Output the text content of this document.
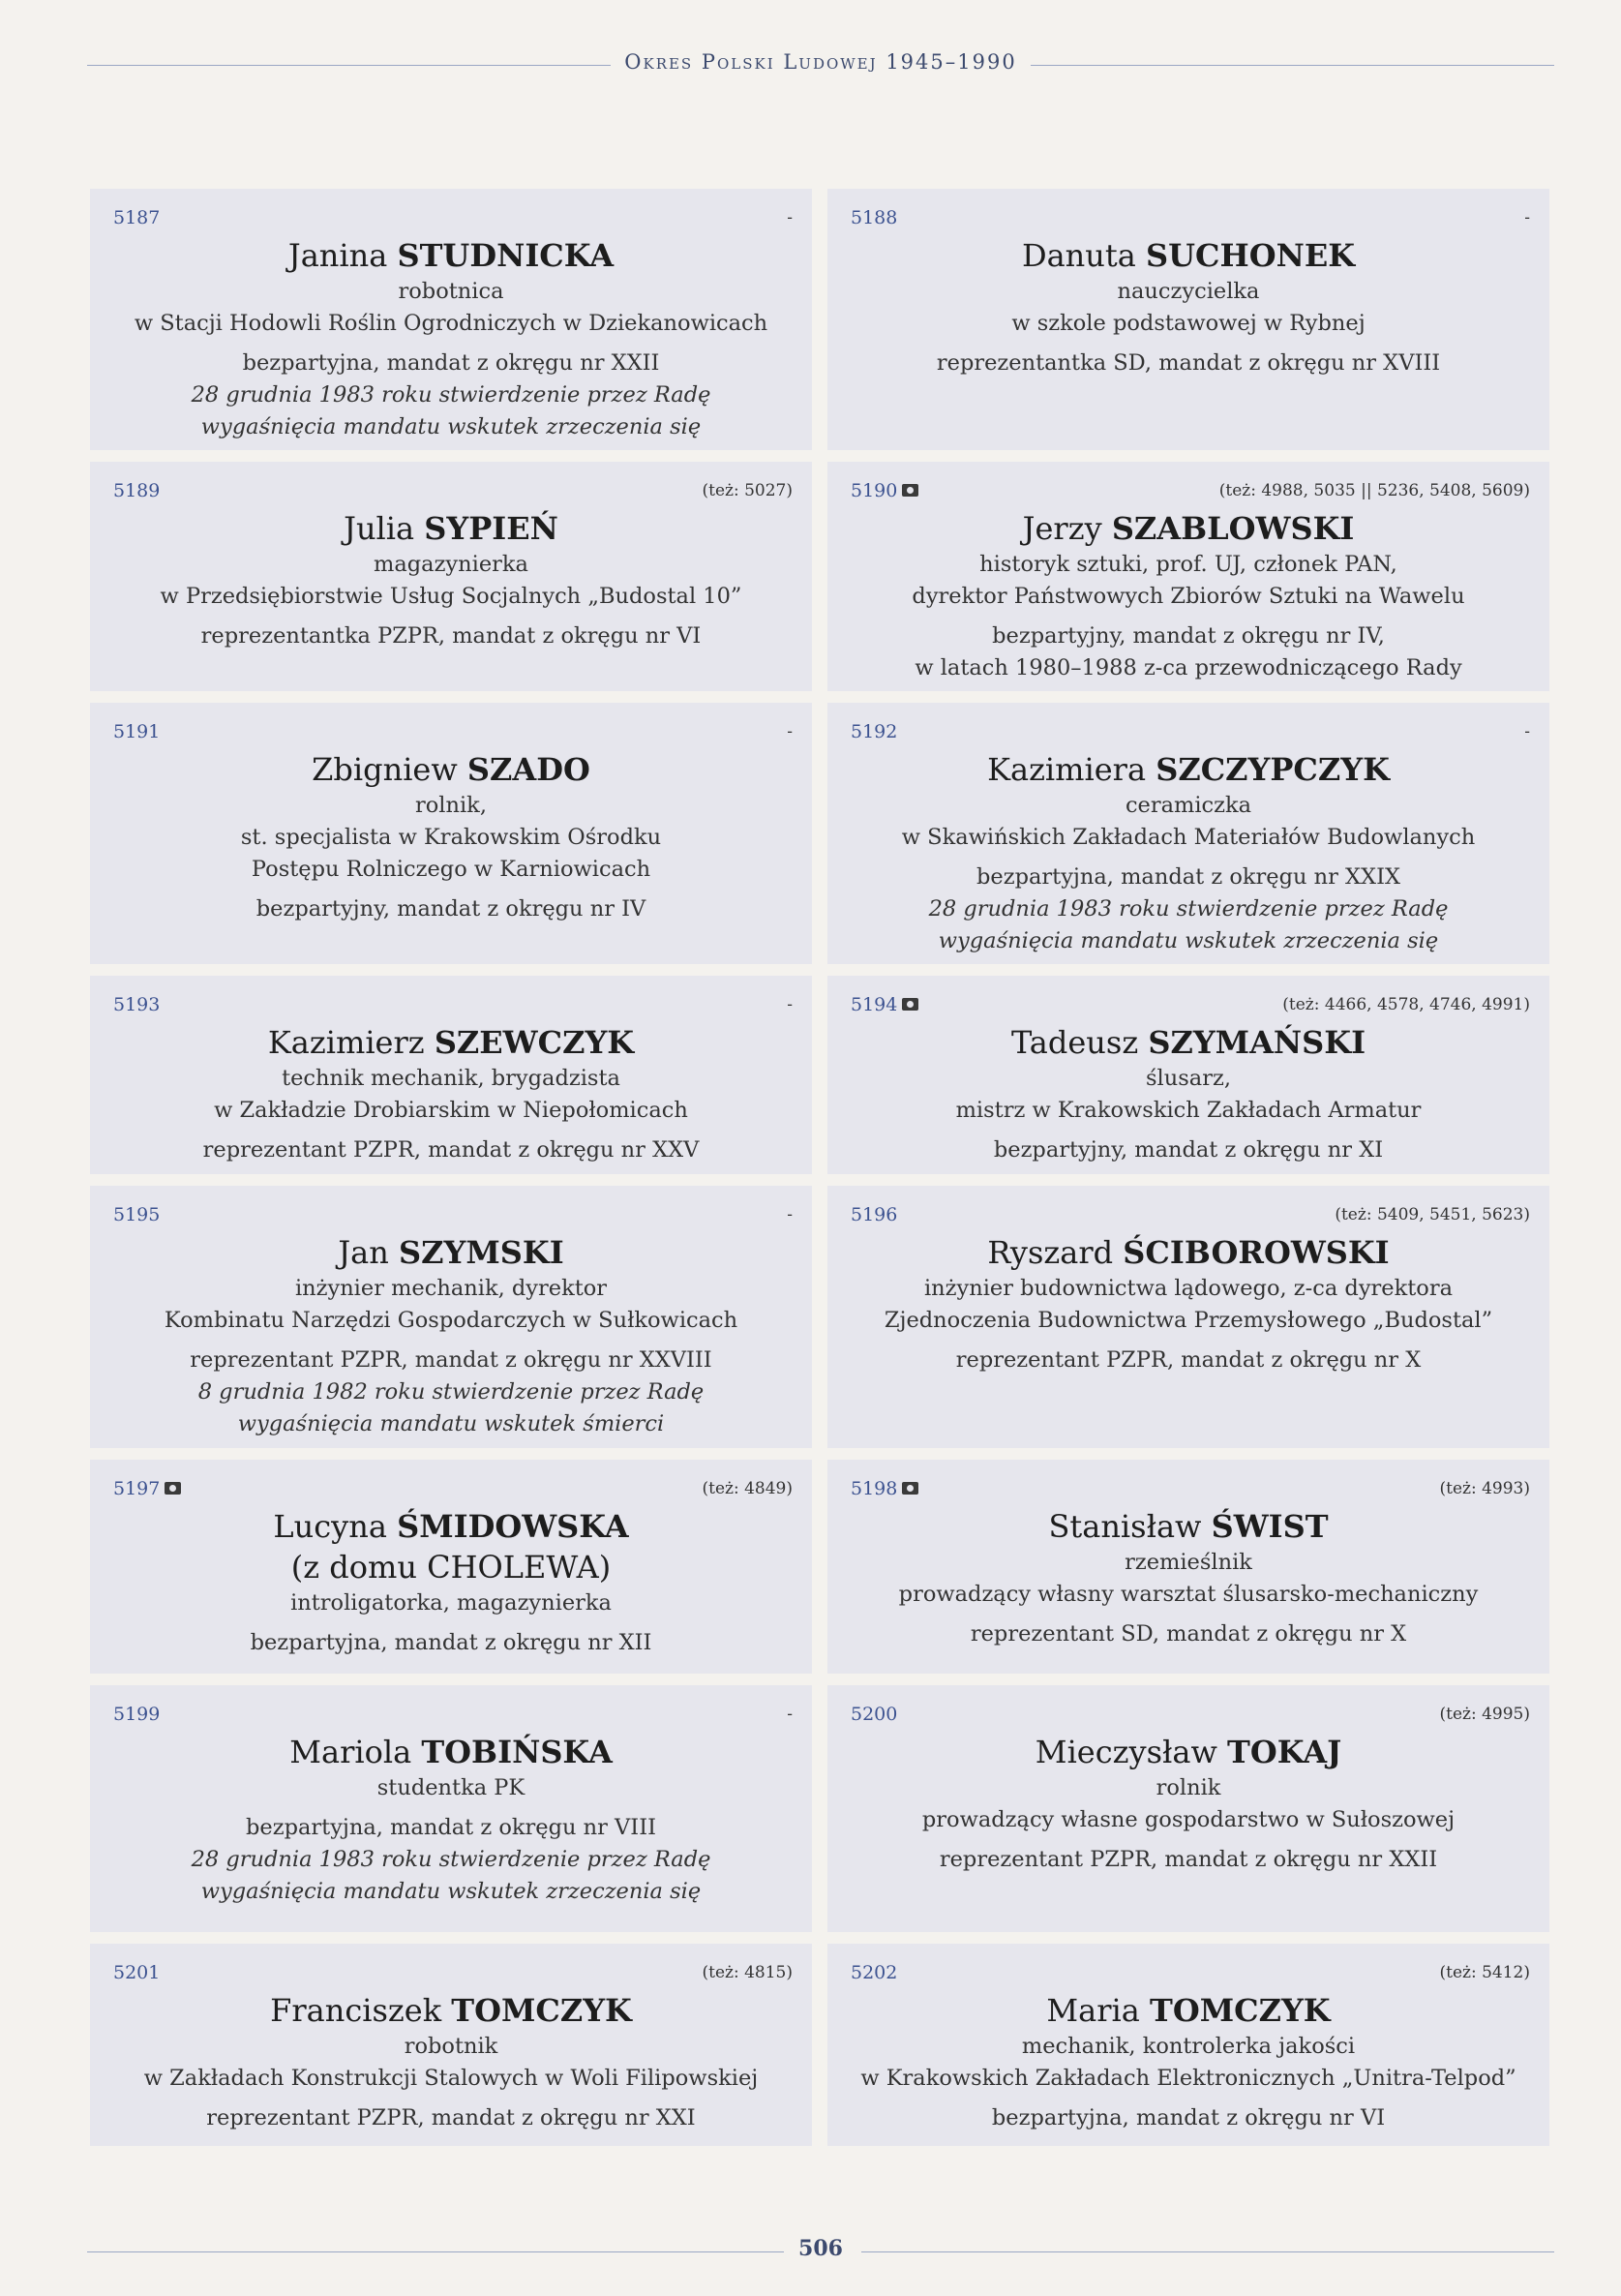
Okres Polski Ludowej 1945–1990
5187	-
Janina STUDNICKA
robotnica
w Stacji Hodowli Roślin Ogrodniczych w Dziekanowicach
bezpartyjna, mandat z okręgu nr XXII
28 grudnia 1983 roku stwierdzenie przez Radę
wygaśnięcia mandatu wskutek zrzeczenia się
5188	-
Danuta SUCHONEK
nauczycielka
w szkole podstawowej w Rybnej
reprezentantka SD, mandat z okręgu nr XVIII
5189	(też: 5027)
Julia SYPIEŃ
magazynierka
w Przedsiębiorstwie Usług Socjalnych „Budostal 10”
reprezentantka PZPR, mandat z okręgu nr VI
5190	(też: 4988, 5035 || 5236, 5408, 5609)
Jerzy SZABLOWSKI
historyk sztuki, prof. UJ, członek PAN,
dyrektor Państwowych Zbiorów Sztuki na Wawelu
bezpartyjny, mandat z okręgu nr IV,
w latach 1980–1988 z-ca przewodniczącego Rady
5191	-
Zbigniew SZADO
rolnik,
st. specjalista w Krakowskim Ośrodku
Postępu Rolniczego w Karniowicach
bezpartyjny, mandat z okręgu nr IV
5192	-
Kazimiera SZCZYPCZYK
ceramiczka
w Skawińskich Zakładach Materiałów Budowlanych
bezpartyjna, mandat z okręgu nr XXIX
28 grudnia 1983 roku stwierdzenie przez Radę
wygaśnięcia mandatu wskutek zrzeczenia się
5193	-
Kazimierz SZEWCZYK
technik mechanik, brygadzista
w Zakładzie Drobiarskim w Niepołomicach
reprezentant PZPR, mandat z okręgu nr XXV
5194	(też: 4466, 4578, 4746, 4991)
Tadeusz SZYMAŃSKI
ślusarz,
mistrz w Krakowskich Zakładach Armatur
bezpartyjny, mandat z okręgu nr XI
5195	-
Jan SZYMSKI
inżynier mechanik, dyrektor
Kombinatu Narzędzi Gospodarczych w Sułkowicach
reprezentant PZPR, mandat z okręgu nr XXVIII
8 grudnia 1982 roku stwierdzenie przez Radę
wygaśnięcia mandatu wskutek śmierci
5196	(też: 5409, 5451, 5623)
Ryszard ŚCIBOROWSKI
inżynier budownictwa lądowego, z-ca dyrektora
Zjednoczenia Budownictwa Przemysłowego „Budostal”
reprezentant PZPR, mandat z okręgu nr X
5197	(też: 4849)
Lucyna ŚMIDOWSKA
(z domu CHOLEWA)
introligatorka, magazynierka
bezpartyjna, mandat z okręgu nr XII
5198	(też: 4993)
Stanisław ŚWIST
rzemieślnik
prowadzący własny warsztat ślusarsko-mechaniczny
reprezentant SD, mandat z okręgu nr X
5199	-
Mariola TOBIŃSKA
studentka PK
bezpartyjna, mandat z okręgu nr VIII
28 grudnia 1983 roku stwierdzenie przez Radę
wygaśnięcia mandatu wskutek zrzeczenia się
5200	(też: 4995)
Mieczysław TOKAJ
rolnik
prowadzący własne gospodarstwo w Sułoszowej
reprezentant PZPR, mandat z okręgu nr XXII
5201	(też: 4815)
Franciszek TOMCZYK
robotnik
w Zakładach Konstrukcji Stalowych w Woli Filipowskiej
reprezentant PZPR, mandat z okręgu nr XXI
5202	(też: 5412)
Maria TOMCZYK
mechanik, kontrolerka jakości
w Krakowskich Zakładach Elektronicznych „Unitra-Telpod”
bezpartyjna, mandat z okręgu nr VI
506
